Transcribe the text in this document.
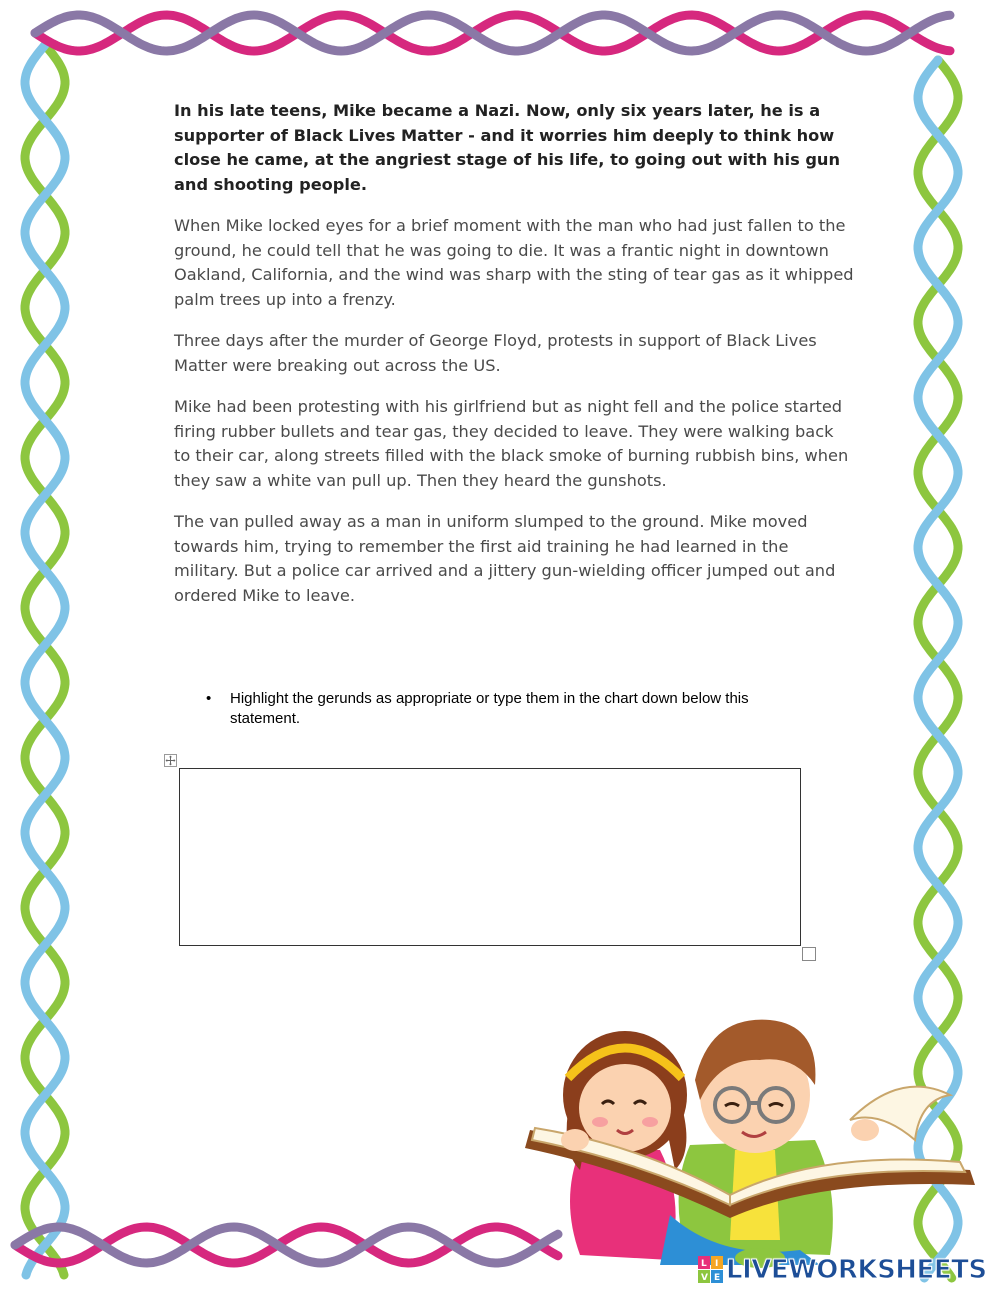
In his late teens, Mike became a Nazi. Now, only six years later, he is a supporter of Black Lives Matter - and it worries him deeply to think how close he came, at the angriest stage of his life, to going out with his gun and shooting people.

When Mike locked eyes for a brief moment with the man who had just fallen to the ground, he could tell that he was going to die. It was a frantic night in downtown Oakland, California, and the wind was sharp with the sting of tear gas as it whipped palm trees up into a frenzy.

Three days after the murder of George Floyd, protests in support of Black Lives Matter were breaking out across the US.

Mike had been protesting with his girlfriend but as night fell and the police started firing rubber bullets and tear gas, they decided to leave. They were walking back to their car, along streets filled with the black smoke of burning rubbish bins, when they saw a white van pull up. Then they heard the gunshots.

The van pulled away as a man in uniform slumped to the ground. Mike moved towards him, trying to remember the first aid training he had learned in the military. But a police car arrived and a jittery gun-wielding officer jumped out and ordered Mike to leave.

• Highlight the gerunds as appropriate or type them in the chart down below this statement.
L I
V E LIVEWORKSHEETS
